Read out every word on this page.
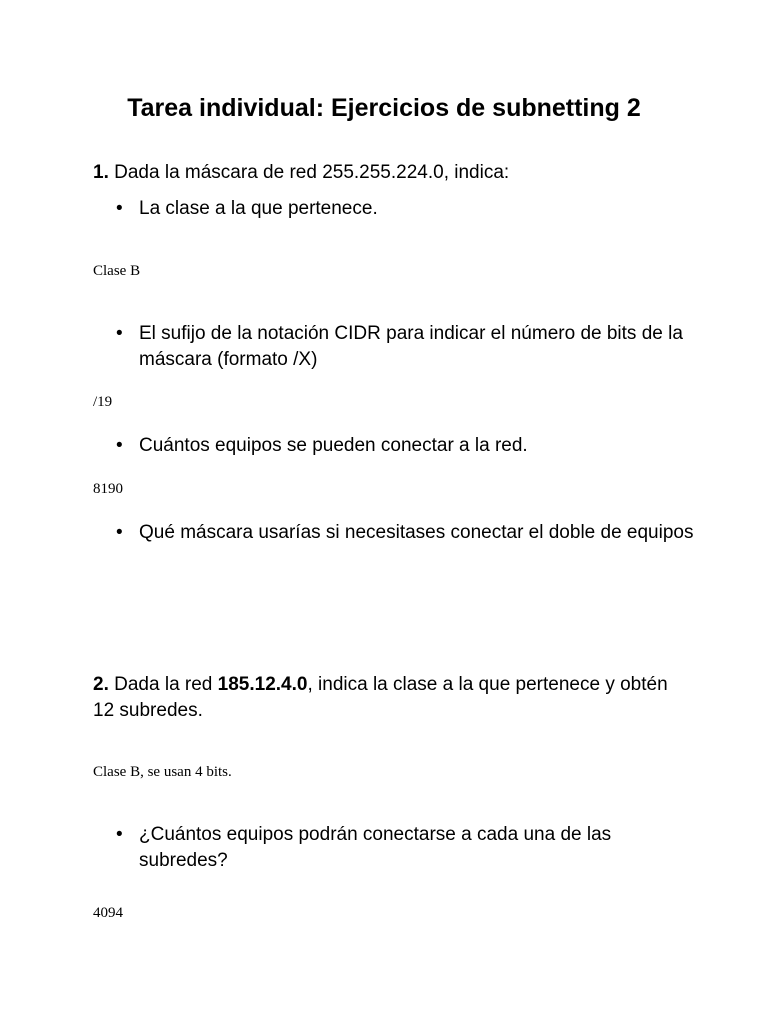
Tarea individual: Ejercicios de subnetting 2

1. Dada la máscara de red 255.255.224.0, indica:

• La clase a la que pertenece.

Clase B

• El sufijo de la notación CIDR para indicar el número de bits de la máscara (formato /X)

/19

• Cuántos equipos se pueden conectar a la red.

8190

• Qué máscara usarías si necesitases conectar el doble de equipos

2. Dada la red 185.12.4.0, indica la clase a la que pertenece y obtén 12 subredes.

Clase B, se usan 4 bits.

• ¿Cuántos equipos podrán conectarse a cada una de las subredes?

4094
